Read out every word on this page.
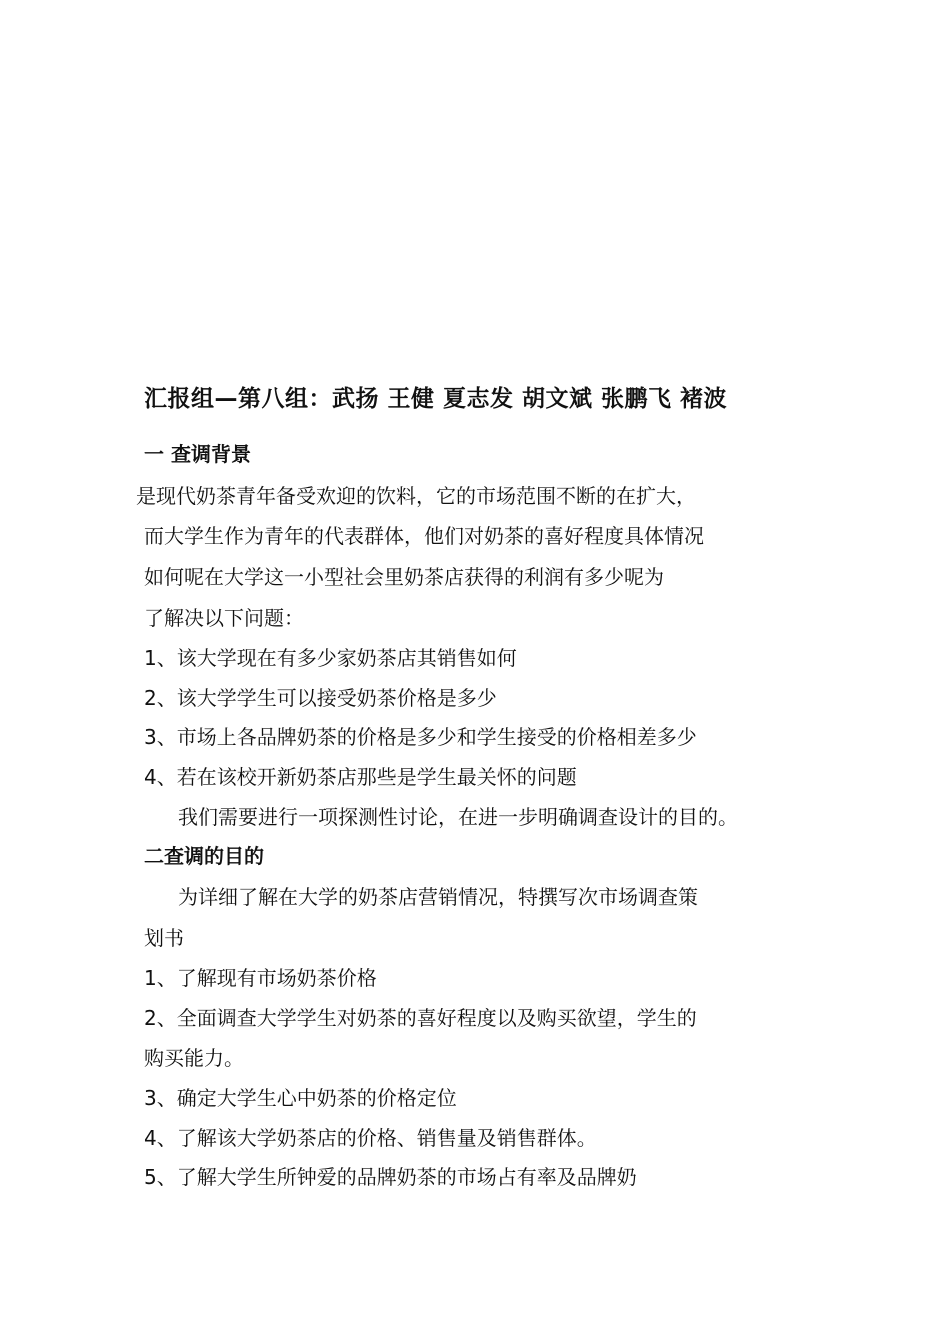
汇报组—第八组：武扬 王健 夏志发 胡文斌 张鹏飞 褚波
一 查调背景
是现代奶茶青年备受欢迎的饮料，它的市场范围不断的在扩大，
而大学生作为青年的代表群体，他们对奶茶的喜好程度具体情况
如何呢在大学这一小型社会里奶茶店获得的利润有多少呢为
了解决以下问题：
1、该大学现在有多少家奶茶店其销售如何
2、该大学学生可以接受奶茶价格是多少
3、市场上各品牌奶茶的价格是多少和学生接受的价格相差多少
4、若在该校开新奶茶店那些是学生最关怀的问题
我们需要进行一项探测性讨论，在进一步明确调查设计的目的。
二查调的目的
为详细了解在大学的奶茶店营销情况，特撰写次市场调查策
划书
1、了解现有市场奶茶价格
2、全面调查大学学生对奶茶的喜好程度以及购买欲望，学生的
购买能力。
3、确定大学生心中奶茶的价格定位
4、了解该大学奶茶店的价格、销售量及销售群体。
5、了解大学生所钟爱的品牌奶茶的市场占有率及品牌奶
